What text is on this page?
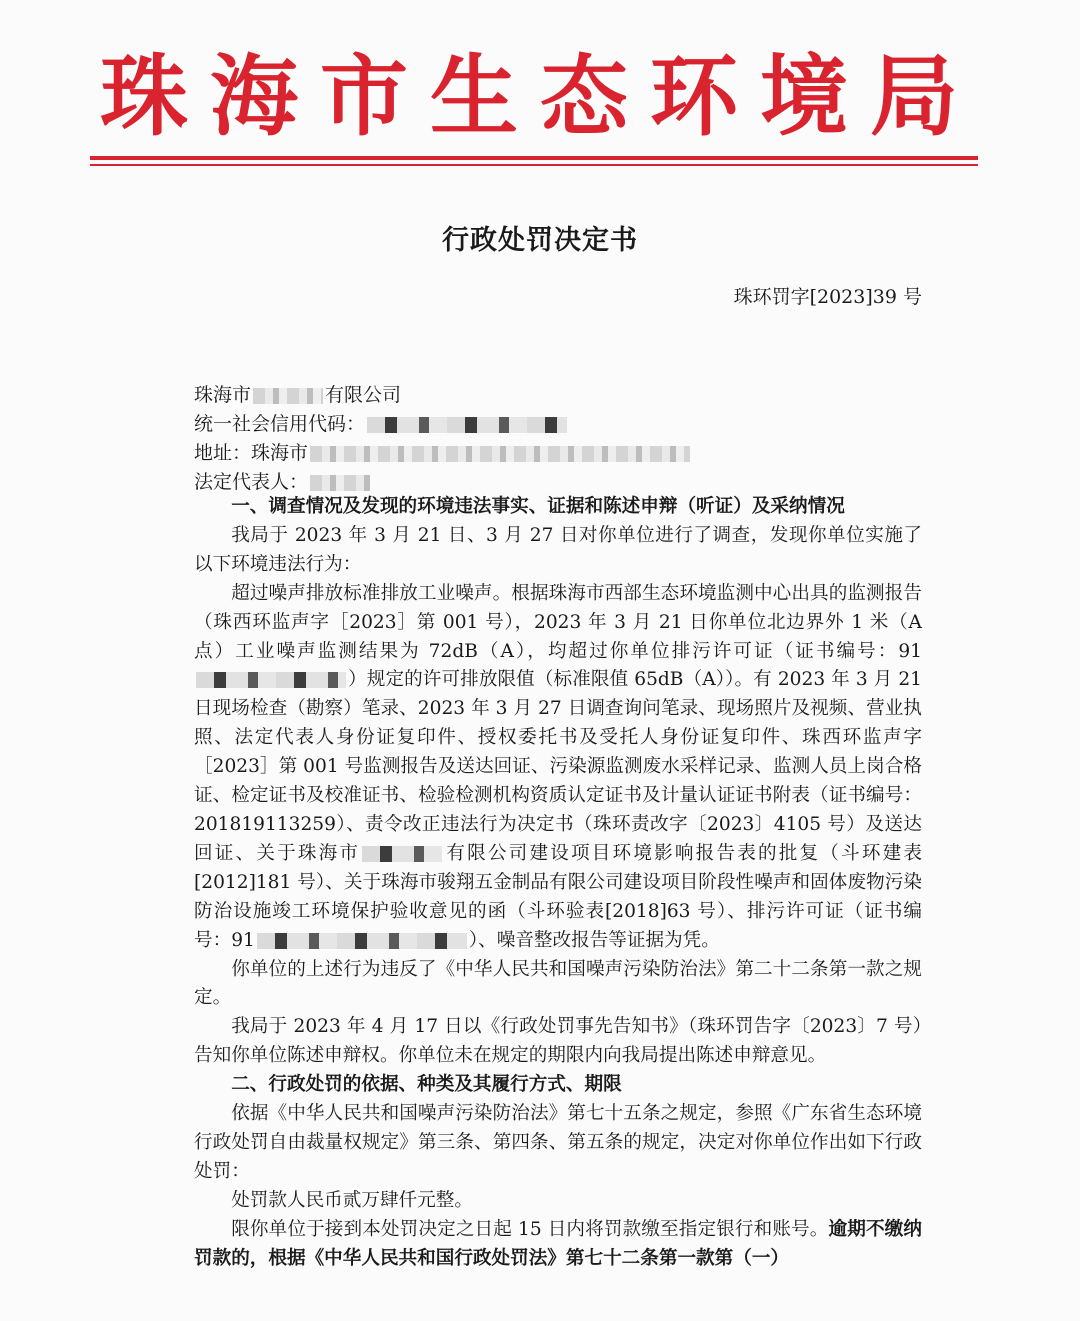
珠海市生态环境局
行政处罚决定书
珠环罚字[2023]39 号
珠海市	有限公司
统一社会信用代码：
地址：珠海市
法定代表人：
一、调查情况及发现的环境违法事实、证据和陈述申辩（听证）及采纳情况

我局于 2023 年 3 月 21 日、3 月 27 日对你单位进行了调查，发现你单位实施了以下环境违法行为：

超过噪声排放标准排放工业噪声。根据珠海市西部生态环境监测中心出具的监测报告（珠西环监声字［2023］第 001 号），2023 年 3 月 21 日你单位北边界外 1 米（A 点）工业噪声监测结果为 72dB（A），均超过你单位排污许可证（证书编号：91）规定的许可排放限值（标准限值 65dB（A））。有 2023 年 3 月 21 日现场检查（勘察）笔录、2023 年 3 月 27 日调查询问笔录、现场照片及视频、营业执照、法定代表人身份证复印件、授权委托书及受托人身份证复印件、珠西环监声字［2023］第 001 号监测报告及送达回证、污染源监测废水采样记录、监测人员上岗合格证、检定证书及校准证书、检验检测机构资质认定证书及计量认证证书附表（证书编号：201819113259）、责令改正违法行为决定书（珠环责改字〔2023〕4105 号）及送达回证、关于珠海市	有限公司建设项目环境影响报告表的批复（斗环建表[2012]181 号）、关于珠海市骏翔五金制品有限公司建设项目阶段性噪声和固体废物污染防治设施竣工环境保护验收意见的函（斗环验表[2018]63 号）、排污许可证（证书编号：91	）、噪音整改报告等证据为凭。

你单位的上述行为违反了《中华人民共和国噪声污染防治法》第二十二条第一款之规定。

我局于 2023 年 4 月 17 日以《行政处罚事先告知书》（珠环罚告字〔2023〕7 号）告知你单位陈述申辩权。你单位未在规定的期限内向我局提出陈述申辩意见。

二、行政处罚的依据、种类及其履行方式、期限

依据《中华人民共和国噪声污染防治法》第七十五条之规定，参照《广东省生态环境行政处罚自由裁量权规定》第三条、第四条、第五条的规定，决定对你单位作出如下行政处罚：

处罚款人民币贰万肆仟元整。

限你单位于接到本处罚决定之日起 15 日内将罚款缴至指定银行和账号。逾期不缴纳罚款的，根据《中华人民共和国行政处罚法》第七十二条第一款第（一）
